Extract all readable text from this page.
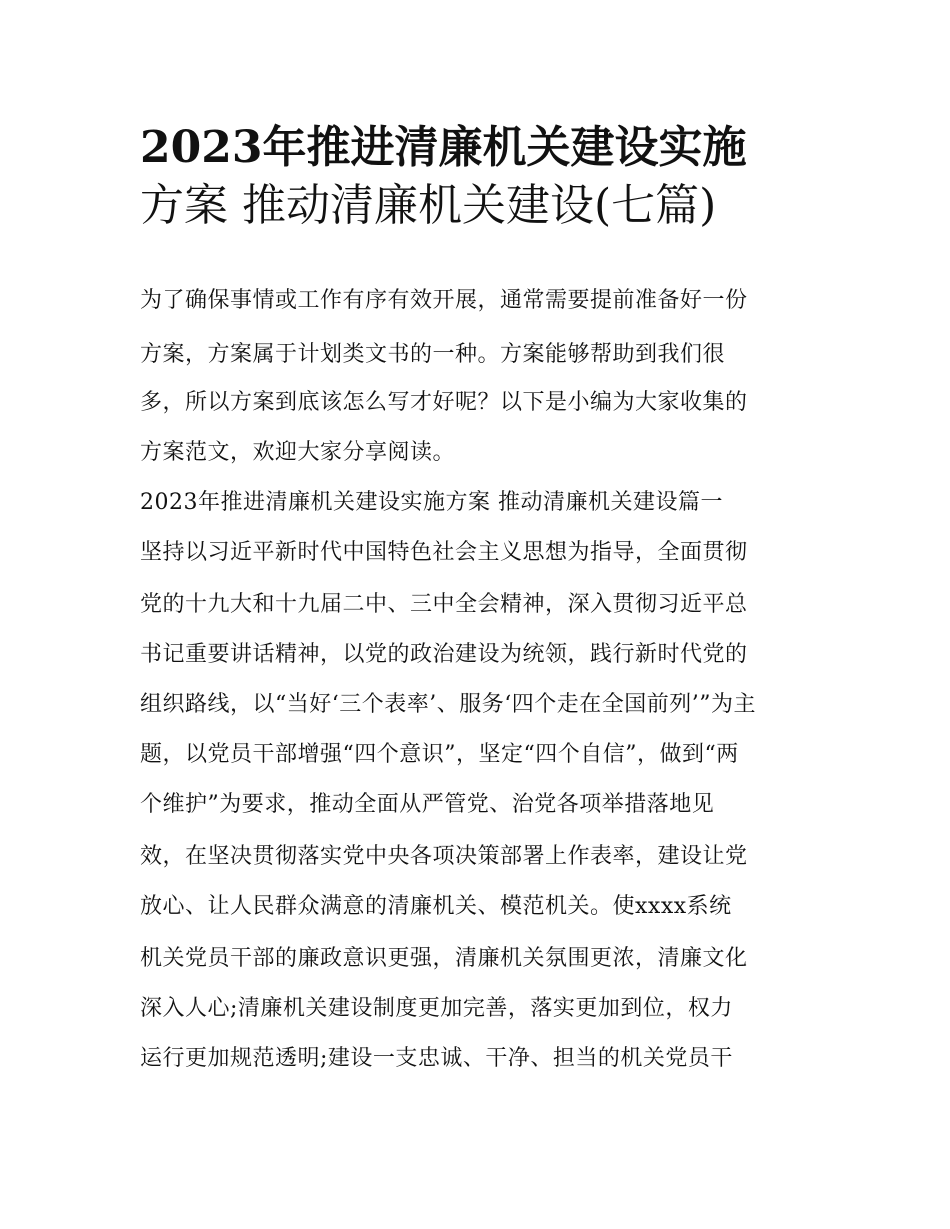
2023年推进清廉机关建设实施
方案 推动清廉机关建设(七篇)
为了确保事情或工作有序有效开展，通常需要提前准备好一份
方案，方案属于计划类文书的一种。方案能够帮助到我们很
多，所以方案到底该怎么写才好呢？以下是小编为大家收集的
方案范文，欢迎大家分享阅读。
2023年推进清廉机关建设实施方案 推动清廉机关建设篇一
坚持以习近平新时代中国特色社会主义思想为指导，全面贯彻
党的十九大和十九届二中、三中全会精神，深入贯彻习近平总
书记重要讲话精神，以党的政治建设为统领，践行新时代党的
组织路线，以“当好‘三个表率’、服务‘四个走在全国前列’”为主
题，以党员干部增强“四个意识”，坚定“四个自信”，做到“两
个维护”为要求，推动全面从严管党、治党各项举措落地见
效，在坚决贯彻落实党中央各项决策部署上作表率，建设让党
放心、让人民群众满意的清廉机关、模范机关。使xxxx系统
机关党员干部的廉政意识更强，清廉机关氛围更浓，清廉文化
深入人心;清廉机关建设制度更加完善，落实更加到位，权力
运行更加规范透明;建设一支忠诚、干净、担当的机关党员干
